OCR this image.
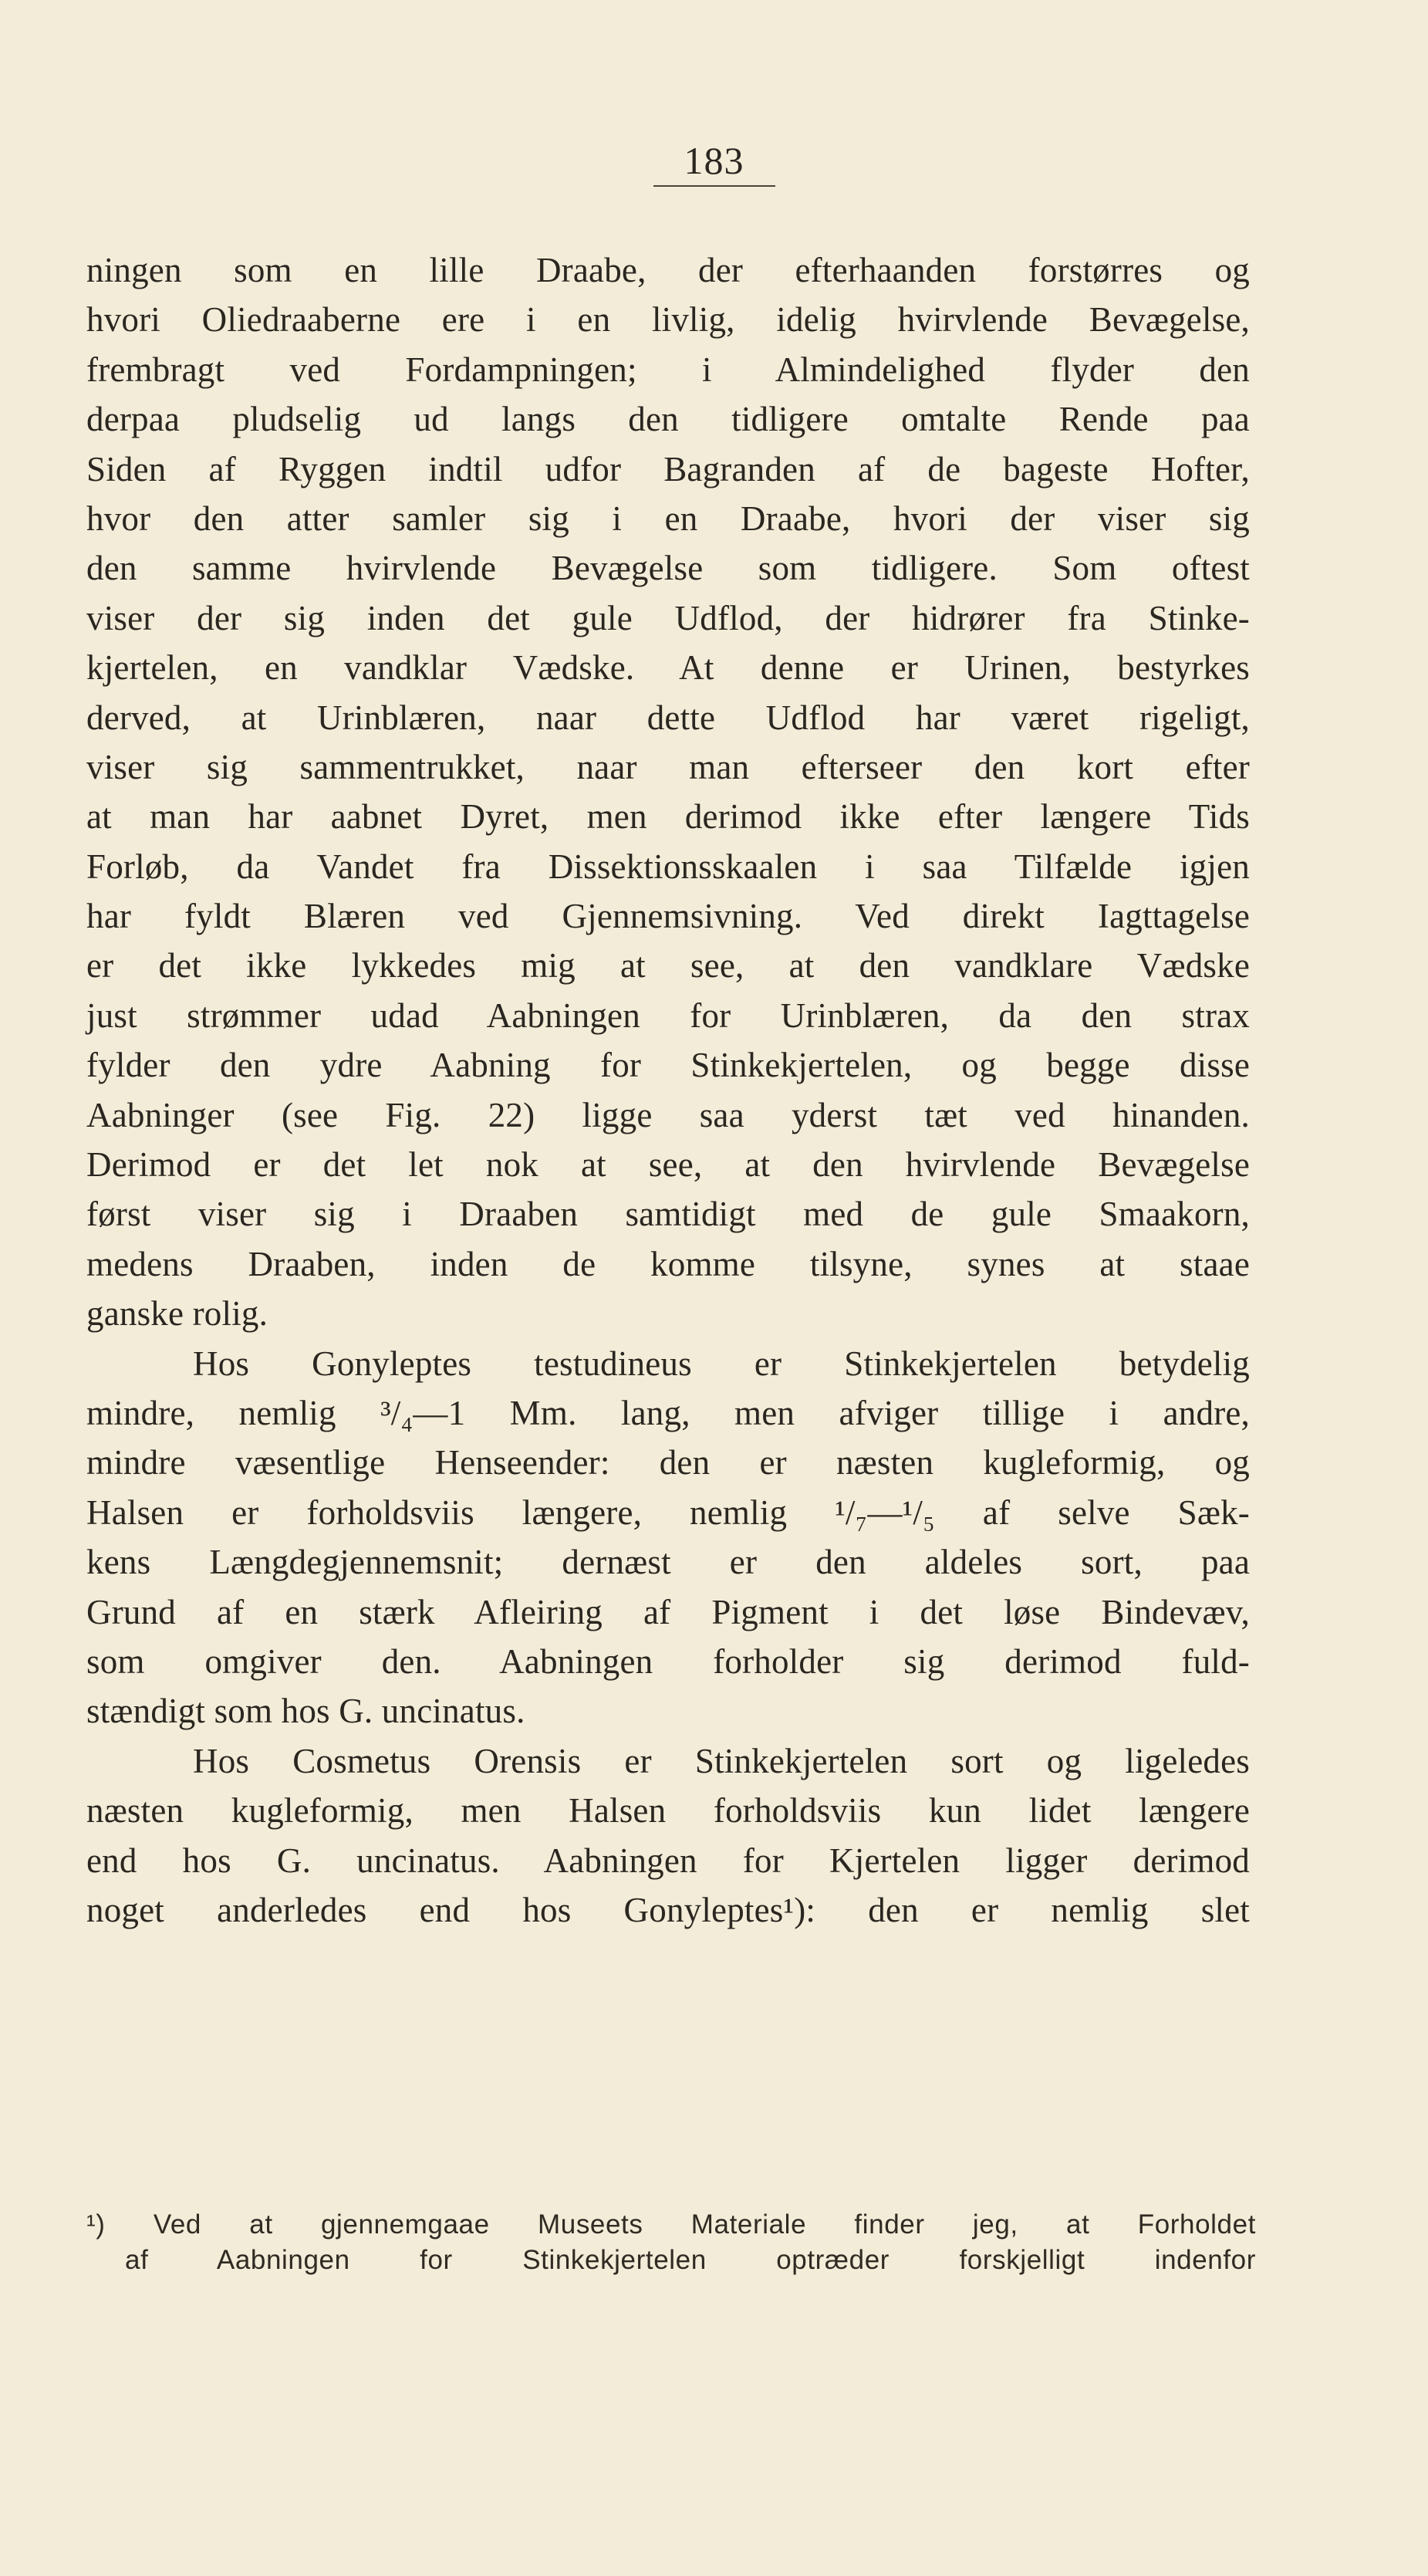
183
ningen som en lille Draabe, der efterhaanden forstørres og
hvori Oliedraaberne ere i en livlig, idelig hvirvlende Bevægelse,
frembragt ved Fordampningen; i Almindelighed flyder den
derpaa pludselig ud langs den tidligere omtalte Rende paa
Siden af Ryggen indtil udfor Bagranden af de bageste Hofter,
hvor den atter samler sig i en Draabe, hvori der viser sig
den samme hvirvlende Bevægelse som tidligere. Som oftest
viser der sig inden det gule Udflod, der hidrører fra Stinke-
kjertelen, en vandklar Vædske. At denne er Urinen, bestyrkes
derved, at Urinblæren, naar dette Udflod har været rigeligt,
viser sig sammentrukket, naar man efterseer den kort efter
at man har aabnet Dyret, men derimod ikke efter længere Tids
Forløb, da Vandet fra Dissektionsskaalen i saa Tilfælde igjen
har fyldt Blæren ved Gjennemsivning. Ved direkt Iagttagelse
er det ikke lykkedes mig at see, at den vandklare Vædske
just strømmer udad Aabningen for Urinblæren, da den strax
fylder den ydre Aabning for Stinkekjertelen, og begge disse
Aabninger (see Fig. 22) ligge saa yderst tæt ved hinanden.
Derimod er det let nok at see, at den hvirvlende Bevægelse
først viser sig i Draaben samtidigt med de gule Smaakorn,
medens Draaben, inden de komme tilsyne, synes at staae
ganske rolig.
Hos Gonyleptes testudineus er Stinkekjertelen betydelig
mindre, nemlig ³/₄—1 Mm. lang, men afviger tillige i andre,
mindre væsentlige Henseender: den er næsten kugleformig, og
Halsen er forholdsviis længere, nemlig ¹/₇—¹/₅ af selve Sæk-
kens Længdegjennemsnit; dernæst er den aldeles sort, paa
Grund af en stærk Afleiring af Pigment i det løse Bindevæv,
som omgiver den. Aabningen forholder sig derimod fuld-
stændigt som hos G. uncinatus.
Hos Cosmetus Orensis er Stinkekjertelen sort og ligeledes
næsten kugleformig, men Halsen forholdsviis kun lidet længere
end hos G. uncinatus. Aabningen for Kjertelen ligger derimod
noget anderledes end hos Gonyleptes¹): den er nemlig slet
¹) Ved at gjennemgaae Museets Materiale finder jeg, at Forholdet
af Aabningen for Stinkekjertelen optræder forskjelligt indenfor
